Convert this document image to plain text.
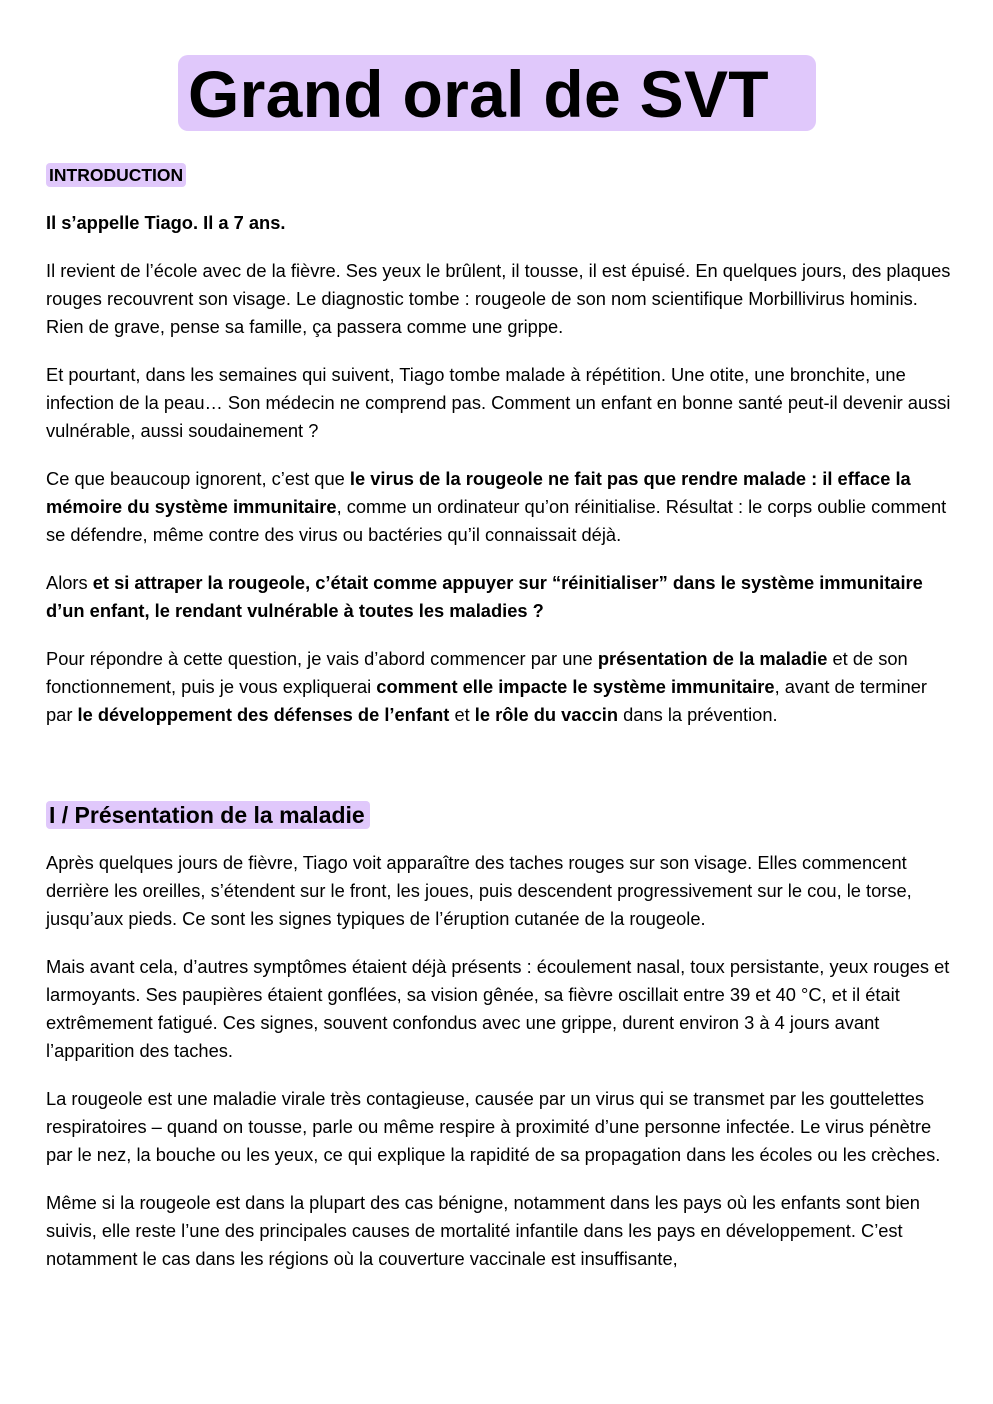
Grand oral de SVT
INTRODUCTION

Il s’appelle Tiago. Il a 7 ans.

Il revient de l’école avec de la fièvre. Ses yeux le brûlent, il tousse, il est épuisé. En quelques jours, des plaques rouges recouvrent son visage. Le diagnostic tombe : rougeole de son nom scientifique Morbillivirus hominis. Rien de grave, pense sa famille, ça passera comme une grippe.

Et pourtant, dans les semaines qui suivent, Tiago tombe malade à répétition. Une otite, une bronchite, une infection de la peau… Son médecin ne comprend pas. Comment un enfant en bonne santé peut-il devenir aussi vulnérable, aussi soudainement ?

Ce que beaucoup ignorent, c’est que le virus de la rougeole ne fait pas que rendre malade : il efface la mémoire du système immunitaire, comme un ordinateur qu’on réinitialise. Résultat : le corps oublie comment se défendre, même contre des virus ou bactéries qu’il connaissait déjà.

Alors et si attraper la rougeole, c’était comme appuyer sur “réinitialiser” dans le système immunitaire d’un enfant, le rendant vulnérable à toutes les maladies ?

Pour répondre à cette question, je vais d’abord commencer par une présentation de la maladie et de son fonctionnement, puis je vous expliquerai comment elle impacte le système immunitaire, avant de terminer par le développement des défenses de l’enfant et le rôle du vaccin dans la prévention.

I / Présentation de la maladie

Après quelques jours de fièvre, Tiago voit apparaître des taches rouges sur son visage. Elles commencent derrière les oreilles, s’étendent sur le front, les joues, puis descendent progressivement sur le cou, le torse, jusqu’aux pieds. Ce sont les signes typiques de l’éruption cutanée de la rougeole.

Mais avant cela, d’autres symptômes étaient déjà présents : écoulement nasal, toux persistante, yeux rouges et larmoyants. Ses paupières étaient gonflées, sa vision gênée, sa fièvre oscillait entre 39 et 40 °C, et il était extrêmement fatigué. Ces signes, souvent confondus avec une grippe, durent environ 3 à 4 jours avant l’apparition des taches.

La rougeole est une maladie virale très contagieuse, causée par un virus qui se transmet par les gouttelettes respiratoires – quand on tousse, parle ou même respire à proximité d’une personne infectée. Le virus pénètre par le nez, la bouche ou les yeux, ce qui explique la rapidité de sa propagation dans les écoles ou les crèches.

Même si la rougeole est dans la plupart des cas bénigne, notamment dans les pays où les enfants sont bien suivis, elle reste l’une des principales causes de mortalité infantile dans les pays en développement. C’est notamment le cas dans les régions où la couverture vaccinale est insuffisante,
